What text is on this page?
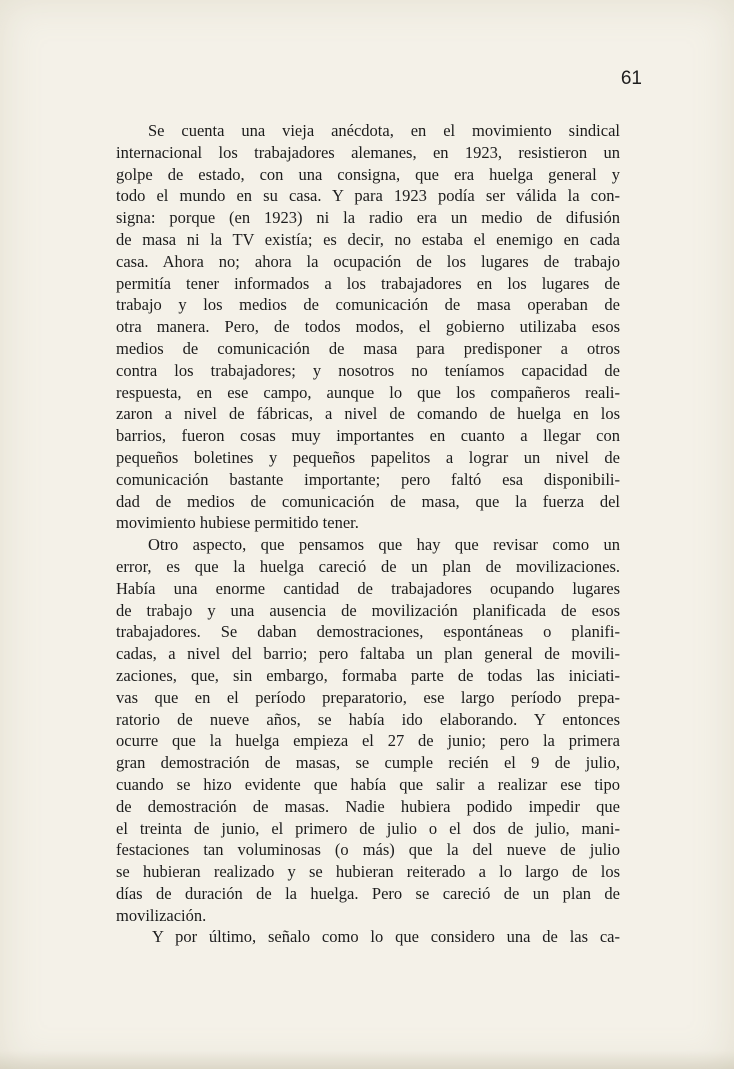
61
Se cuenta una vieja anécdota, en el movimiento sindical
internacional los trabajadores alemanes, en 1923, resistieron un
golpe de estado, con una consigna, que era huelga general y
todo el mundo en su casa. Y para 1923 podía ser válida la con-
signa: porque (en 1923) ni la radio era un medio de difusión
de masa ni la TV existía; es decir, no estaba el enemigo en cada
casa. Ahora no; ahora la ocupación de los lugares de trabajo
permitía tener informados a los trabajadores en los lugares de
trabajo y los medios de comunicación de masa operaban de
otra manera. Pero, de todos modos, el gobierno utilizaba esos
medios de comunicación de masa para predisponer a otros
contra los trabajadores; y nosotros no teníamos capacidad de
respuesta, en ese campo, aunque lo que los compañeros reali-
zaron a nivel de fábricas, a nivel de comando de huelga en los
barrios, fueron cosas muy importantes en cuanto a llegar con
pequeños boletines y pequeños papelitos a lograr un nivel de
comunicación bastante importante; pero faltó esa disponibili-
dad de medios de comunicación de masa, que la fuerza del
movimiento hubiese permitido tener.
Otro aspecto, que pensamos que hay que revisar como un
error, es que la huelga careció de un plan de movilizaciones.
Había una enorme cantidad de trabajadores ocupando lugares
de trabajo y una ausencia de movilización planificada de esos
trabajadores. Se daban demostraciones, espontáneas o planifi-
cadas, a nivel del barrio; pero faltaba un plan general de movili-
zaciones, que, sin embargo, formaba parte de todas las iniciati-
vas que en el período preparatorio, ese largo período prepa-
ratorio de nueve años, se había ido elaborando. Y entonces
ocurre que la huelga empieza el 27 de junio; pero la primera
gran demostración de masas, se cumple recién el 9 de julio,
cuando se hizo evidente que había que salir a realizar ese tipo
de demostración de masas. Nadie hubiera podido impedir que
el treinta de junio, el primero de julio o el dos de julio, mani-
festaciones tan voluminosas (o más) que la del nueve de julio
se hubieran realizado y se hubieran reiterado a lo largo de los
días de duración de la huelga. Pero se careció de un plan de
movilización.
Y por último, señalo como lo que considero una de las ca-
